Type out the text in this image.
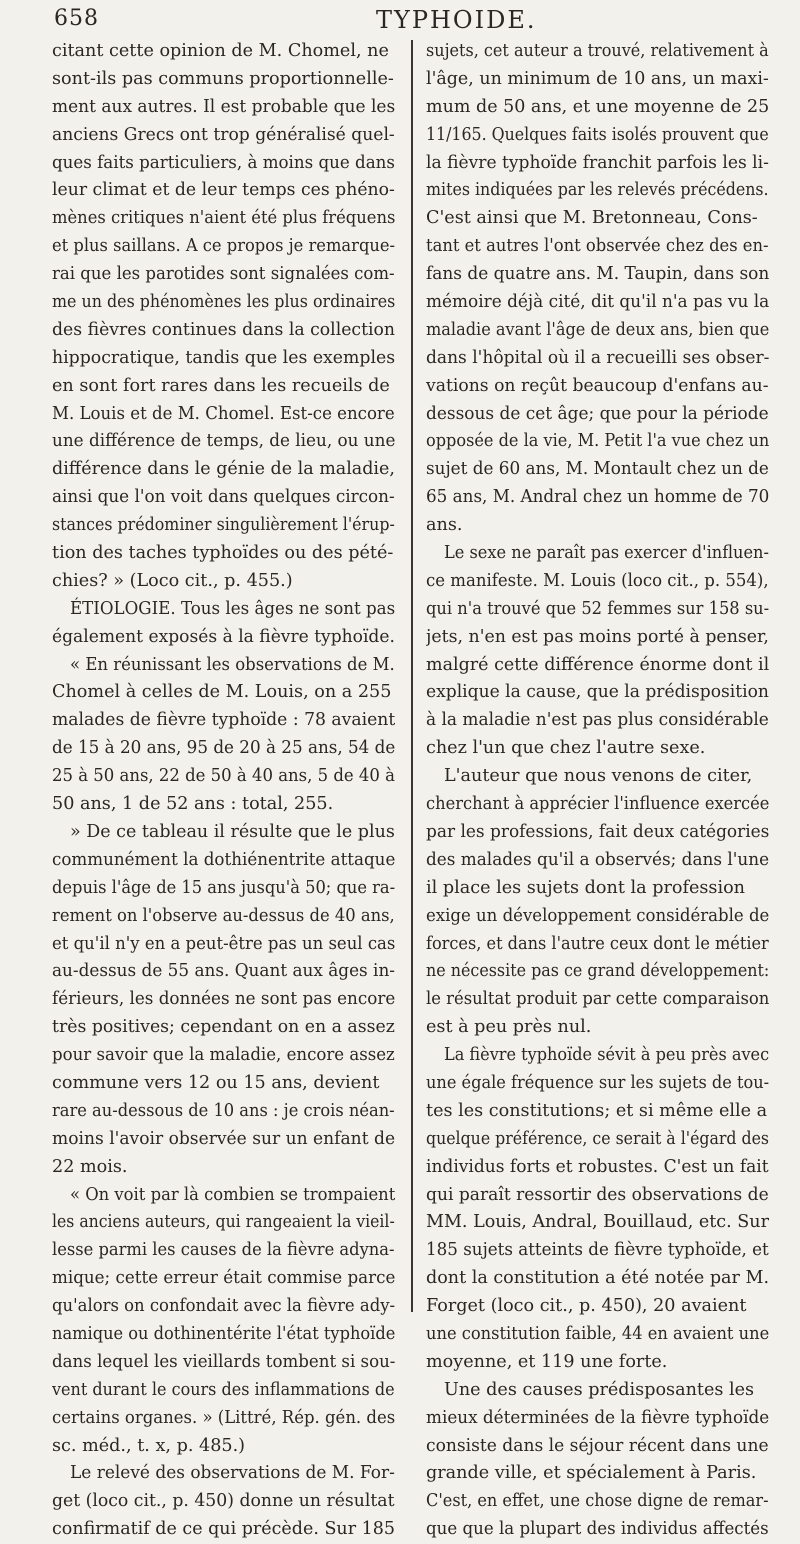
658	TYPHOIDE.
citant cette opinion de M. Chomel, ne
sont-ils pas communs proportionnelle-
ment aux autres. Il est probable que les
anciens Grecs ont trop généralisé quel-
ques faits particuliers, à moins que dans
leur climat et de leur temps ces phéno-
mènes critiques n'aient été plus fréquens
et plus saillans. A ce propos je remarque-
rai que les parotides sont signalées com-
me un des phénomènes les plus ordinaires
des fièvres continues dans la collection
hippocratique, tandis que les exemples
en sont fort rares dans les recueils de
M. Louis et de M. Chomel. Est-ce encore
une différence de temps, de lieu, ou une
différence dans le génie de la maladie,
ainsi que l'on voit dans quelques circon-
stances prédominer singulièrement l'érup-
tion des taches typhoïdes ou des pété-
chies? » (Loco cit., p. 455.)
ÉTIOLOGIE. Tous les âges ne sont pas
également exposés à la fièvre typhoïde.
« En réunissant les observations de M.
Chomel à celles de M. Louis, on a 255
malades de fièvre typhoïde : 78 avaient
de 15 à 20 ans, 95 de 20 à 25 ans, 54 de
25 à 50 ans, 22 de 50 à 40 ans, 5 de 40 à
50 ans, 1 de 52 ans : total, 255.
» De ce tableau il résulte que le plus
communément la dothiénentrite attaque
depuis l'âge de 15 ans jusqu'à 50; que ra-
rement on l'observe au-dessus de 40 ans,
et qu'il n'y en a peut-être pas un seul cas
au-dessus de 55 ans. Quant aux âges in-
férieurs, les données ne sont pas encore
très positives; cependant on en a assez
pour savoir que la maladie, encore assez
commune vers 12 ou 15 ans, devient
rare au-dessous de 10 ans : je crois néan-
moins l'avoir observée sur un enfant de
22 mois.
« On voit par là combien se trompaient
les anciens auteurs, qui rangeaient la vieil-
lesse parmi les causes de la fièvre adyna-
mique; cette erreur était commise parce
qu'alors on confondait avec la fièvre ady-
namique ou dothinentérite l'état typhoïde
dans lequel les vieillards tombent si sou-
vent durant le cours des inflammations de
certains organes. » (Littré, Rép. gén. des
sc. méd., t. x, p. 485.)
Le relevé des observations de M. For-
get (loco cit., p. 450) donne un résultat
confirmatif de ce qui précède. Sur 185
sujets, cet auteur a trouvé, relativement à
l'âge, un minimum de 10 ans, un maxi-
mum de 50 ans, et une moyenne de 25
11/165. Quelques faits isolés prouvent que
la fièvre typhoïde franchit parfois les li-
mites indiquées par les relevés précédens.
C'est ainsi que M. Bretonneau, Cons-
tant et autres l'ont observée chez des en-
fans de quatre ans. M. Taupin, dans son
mémoire déjà cité, dit qu'il n'a pas vu la
maladie avant l'âge de deux ans, bien que
dans l'hôpital où il a recueilli ses obser-
vations on reçût beaucoup d'enfans au-
dessous de cet âge; que pour la période
opposée de la vie, M. Petit l'a vue chez un
sujet de 60 ans, M. Montault chez un de
65 ans, M. Andral chez un homme de 70
ans.
Le sexe ne paraît pas exercer d'influen-
ce manifeste. M. Louis (loco cit., p. 554),
qui n'a trouvé que 52 femmes sur 158 su-
jets, n'en est pas moins porté à penser,
malgré cette différence énorme dont il
explique la cause, que la prédisposition
à la maladie n'est pas plus considérable
chez l'un que chez l'autre sexe.
L'auteur que nous venons de citer,
cherchant à apprécier l'influence exercée
par les professions, fait deux catégories
des malades qu'il a observés; dans l'une
il place les sujets dont la profession
exige un développement considérable de
forces, et dans l'autre ceux dont le métier
ne nécessite pas ce grand développement:
le résultat produit par cette comparaison
est à peu près nul.
La fièvre typhoïde sévit à peu près avec
une égale fréquence sur les sujets de tou-
tes les constitutions; et si même elle a
quelque préférence, ce serait à l'égard des
individus forts et robustes. C'est un fait
qui paraît ressortir des observations de
MM. Louis, Andral, Bouillaud, etc. Sur
185 sujets atteints de fièvre typhoïde, et
dont la constitution a été notée par M.
Forget (loco cit., p. 450), 20 avaient
une constitution faible, 44 en avaient une
moyenne, et 119 une forte.
Une des causes prédisposantes les
mieux déterminées de la fièvre typhoïde
consiste dans le séjour récent dans une
grande ville, et spécialement à Paris.
C'est, en effet, une chose digne de remar-
que que la plupart des individus affectés
